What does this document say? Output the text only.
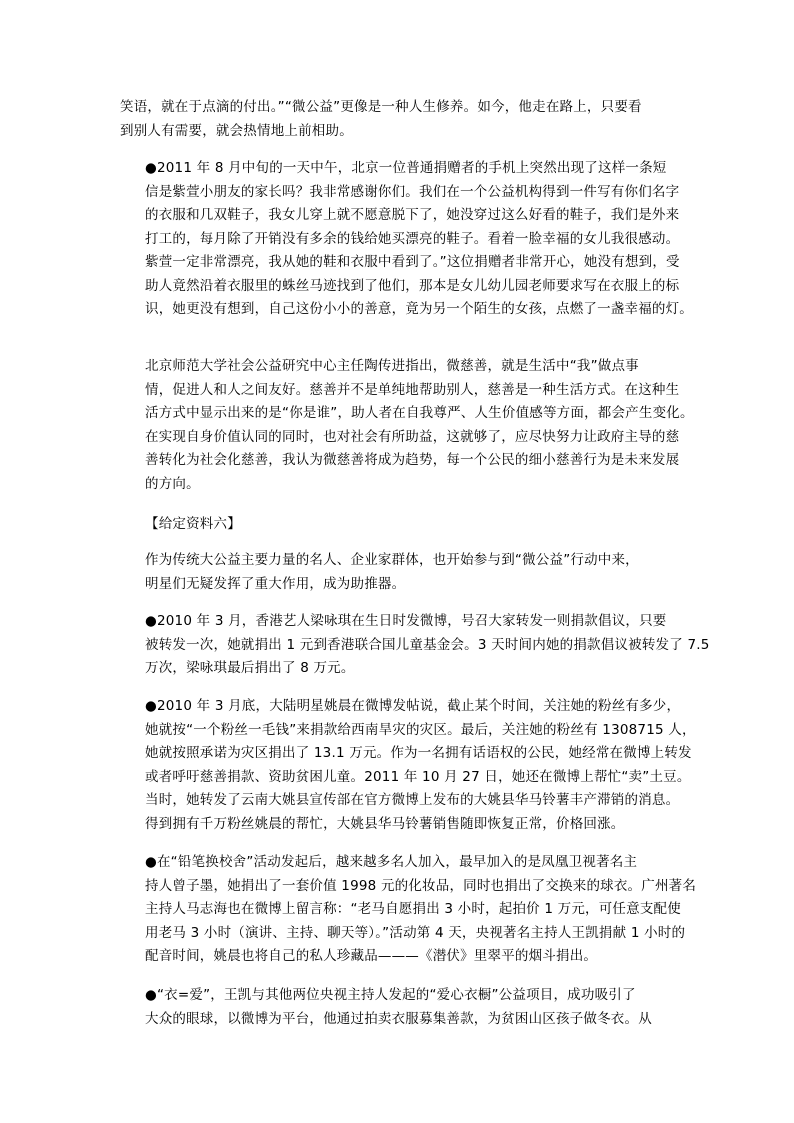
笑语，就在于点滴的付出。”“微公益”更像是一种人生修养。如今，他走在路上，只要看
到别人有需要，就会热情地上前相助。

●2011 年 8 月中旬的一天中午，北京一位普通捐赠者的手机上突然出现了这样一条短
信是紫萱小朋友的家长吗？我非常感谢你们。我们在一个公益机构得到一件写有你们名字
的衣服和几双鞋子，我女儿穿上就不愿意脱下了，她没穿过这么好看的鞋子，我们是外来
打工的，每月除了开销没有多余的钱给她买漂亮的鞋子。看着一脸幸福的女儿我很感动。
紫萱一定非常漂亮，我从她的鞋和衣服中看到了。”这位捐赠者非常开心，她没有想到，受
助人竟然沿着衣服里的蛛丝马迹找到了他们，那本是女儿幼儿园老师要求写在衣服上的标
识，她更没有想到，自己这份小小的善意，竟为另一个陌生的女孩，点燃了一盏幸福的灯。

北京师范大学社会公益研究中心主任陶传进指出，微慈善，就是生活中“我”做点事
情，促进人和人之间友好。慈善并不是单纯地帮助别人，慈善是一种生活方式。在这种生
活方式中显示出来的是“你是谁”，助人者在自我尊严、人生价值感等方面，都会产生变化。
在实现自身价值认同的同时，也对社会有所助益，这就够了，应尽快努力让政府主导的慈
善转化为社会化慈善，我认为微慈善将成为趋势，每一个公民的细小慈善行为是未来发展
的方向。

【给定资料六】

作为传统大公益主要力量的名人、企业家群体，也开始参与到“微公益”行动中来，
明星们无疑发挥了重大作用，成为助推器。

●2010 年 3 月，香港艺人梁咏琪在生日时发微博，号召大家转发一则捐款倡议，只要
被转发一次，她就捐出 1 元到香港联合国儿童基金会。3 天时间内她的捐款倡议被转发了 7.5
万次，梁咏琪最后捐出了 8 万元。

●2010 年 3 月底，大陆明星姚晨在微博发帖说，截止某个时间，关注她的粉丝有多少，
她就按“一个粉丝一毛钱”来捐款给西南旱灾的灾区。最后，关注她的粉丝有 1308715 人，
她就按照承诺为灾区捐出了 13.1 万元。作为一名拥有话语权的公民，她经常在微博上转发
或者呼吁慈善捐款、资助贫困儿童。2011 年 10 月 27 日，她还在微博上帮忙“卖”土豆。
当时，她转发了云南大姚县宣传部在官方微博上发布的大姚县华马铃薯丰产滞销的消息。
得到拥有千万粉丝姚晨的帮忙，大姚县华马铃薯销售随即恢复正常，价格回涨。

●在“铅笔换校舍”活动发起后，越来越多名人加入，最早加入的是凤凰卫视著名主
持人曾子墨，她捐出了一套价值 1998 元的化妆品，同时也捐出了交换来的球衣。广州著名
主持人马志海也在微博上留言称：“老马自愿捐出 3 小时，起拍价 1 万元，可任意支配使
用老马 3 小时（演讲、主持、聊天等）。”活动第 4 天，央视著名主持人王凯捐献 1 小时的
配音时间，姚晨也将自己的私人珍藏品———《潜伏》里翠平的烟斗捐出。

●“衣=爱”，王凯与其他两位央视主持人发起的“爱心衣橱”公益项目，成功吸引了
大众的眼球，以微博为平台，他通过拍卖衣服募集善款，为贫困山区孩子做冬衣。从
